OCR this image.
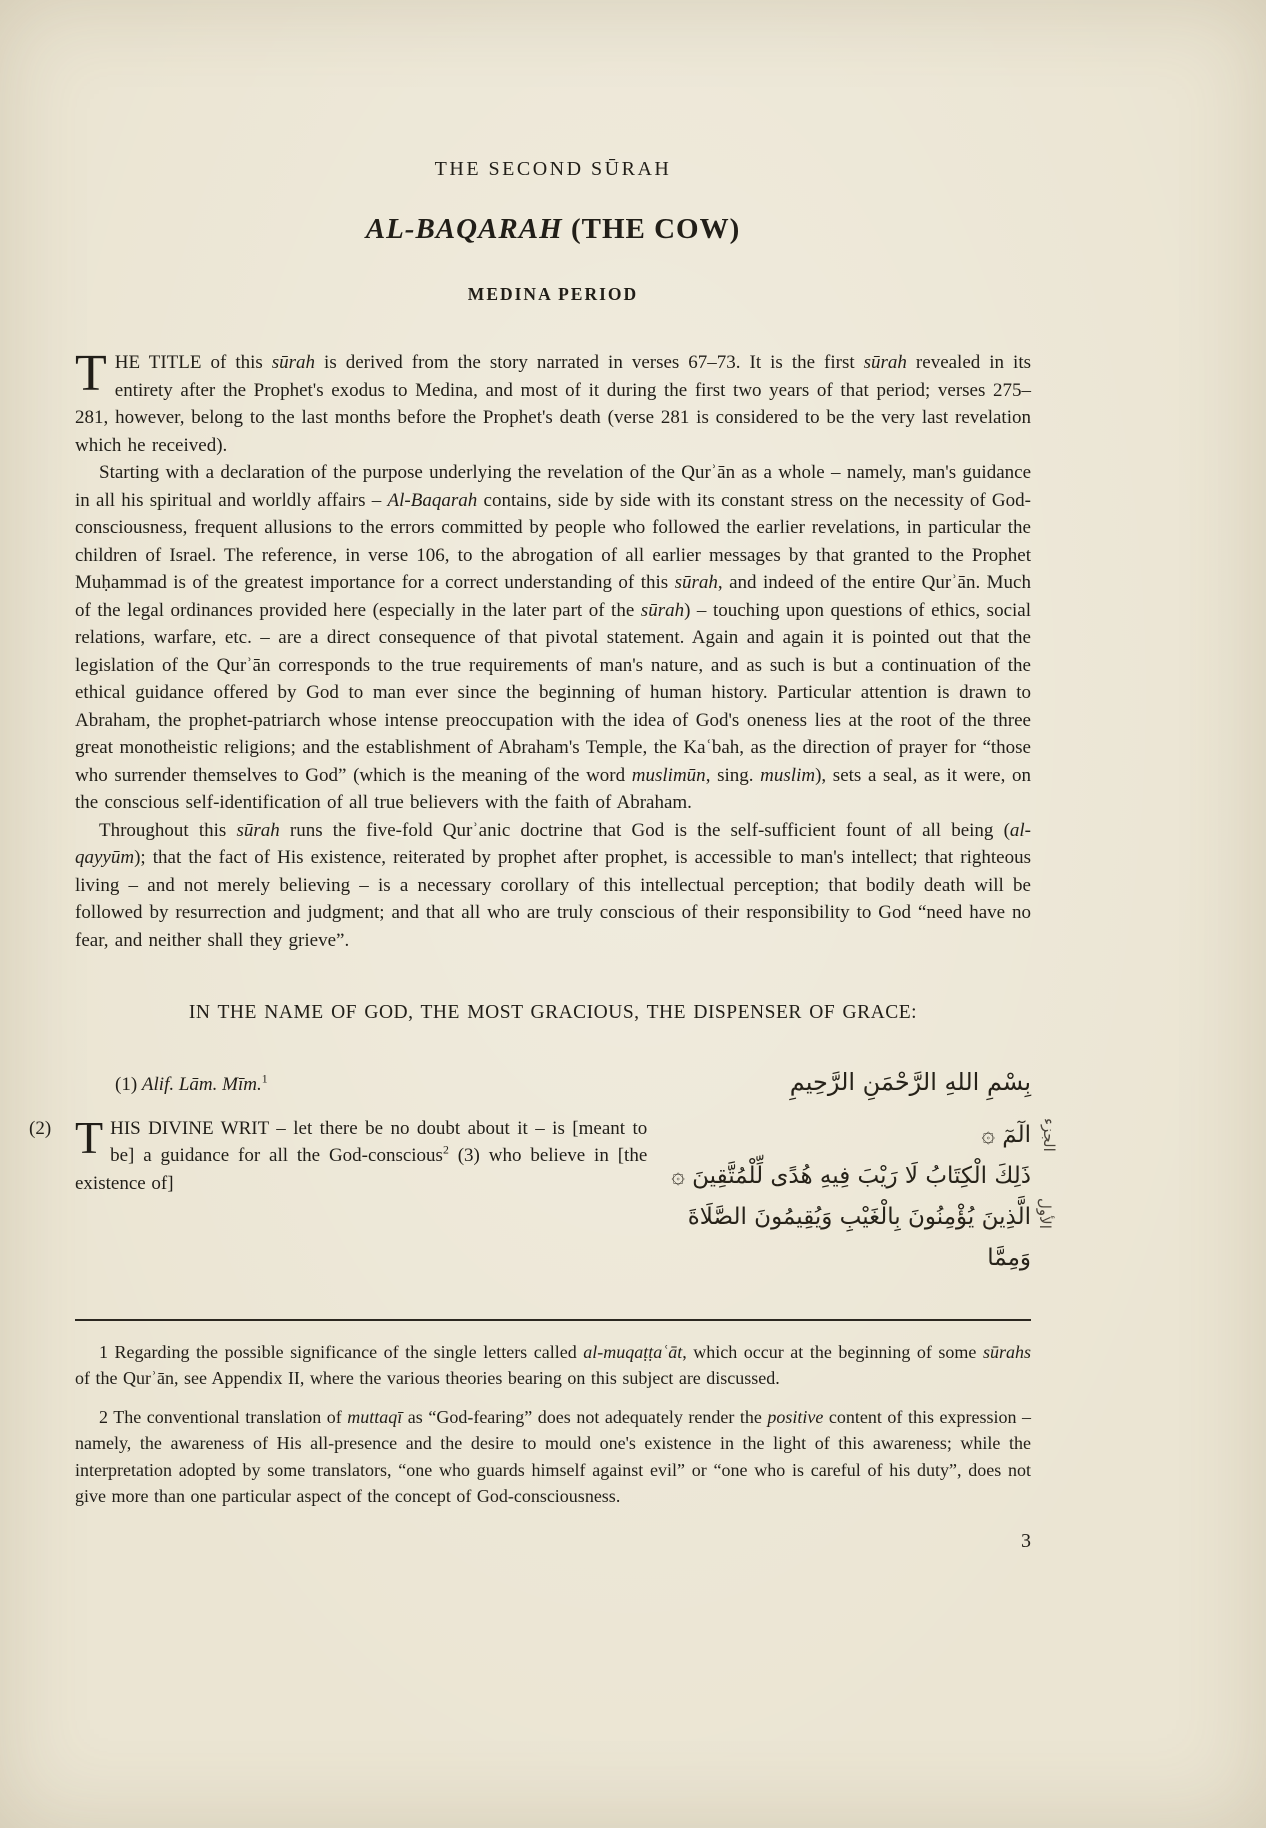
THE SECOND SŪRAH
AL-BAQARAH (THE COW)
MEDINA PERIOD

THE TITLE of this sūrah is derived from the story narrated in verses 67–73. It is the first sūrah revealed in its entirety after the Prophet's exodus to Medina, and most of it during the first two years of that period; verses 275–281, however, belong to the last months before the Prophet's death (verse 281 is considered to be the very last revelation which he received).

Starting with a declaration of the purpose underlying the revelation of the Qurʾān as a whole – namely, man's guidance in all his spiritual and worldly affairs – Al-Baqarah contains, side by side with its constant stress on the necessity of God-consciousness, frequent allusions to the errors committed by people who followed the earlier revelations, in particular the children of Israel. The reference, in verse 106, to the abrogation of all earlier messages by that granted to the Prophet Muḥammad is of the greatest importance for a correct understanding of this sūrah, and indeed of the entire Qurʾān. Much of the legal ordinances provided here (especially in the later part of the sūrah) – touching upon questions of ethics, social relations, warfare, etc. – are a direct consequence of that pivotal statement. Again and again it is pointed out that the legislation of the Qurʾān corresponds to the true requirements of man's nature, and as such is but a continuation of the ethical guidance offered by God to man ever since the beginning of human history. Particular attention is drawn to Abraham, the prophet-patriarch whose intense preoccupation with the idea of God's oneness lies at the root of the three great monotheistic religions; and the establishment of Abraham's Temple, the Kaʿbah, as the direction of prayer for “those who surrender themselves to God” (which is the meaning of the word muslimūn, sing. muslim), sets a seal, as it were, on the conscious self-identification of all true believers with the faith of Abraham.

Throughout this sūrah runs the five-fold Qurʾanic doctrine that God is the self-sufficient fount of all being (al-qayyūm); that the fact of His existence, reiterated by prophet after prophet, is accessible to man's intellect; that righteous living – and not merely believing – is a necessary corollary of this intellectual perception; that bodily death will be followed by resurrection and judgment; and that all who are truly conscious of their responsibility to God “need have no fear, and neither shall they grieve”.

IN THE NAME OF GOD, THE MOST GRACIOUS, THE DISPENSER OF GRACE:
(1) Alif. Lām. Mīm.$^1$	بِسْمِ اللهِ الرَّحْمَنِ الرَّحِيمِ
(2) THIS DIVINE WRIT – let there be no doubt about it – is [meant to be] a guidance for all the God-conscious$^2$ (3) who believe in [the existence of]

الٓمٓ ۞
ذَلِكَ الْكِتَابُ لَا رَيْبَ فِيهِ هُدًى لِّلْمُتَّقِينَ ۞
الَّذِينَ يُؤْمِنُونَ بِالْغَيْبِ وَيُقِيمُونَ الصَّلَاةَ وَمِمَّا

1 Regarding the possible significance of the single letters called al-muqaṭṭaʿāt, which occur at the beginning of some sūrahs of the Qurʾān, see Appendix II, where the various theories bearing on this subject are discussed.

2 The conventional translation of muttaqī as “God-fearing” does not adequately render the positive content of this expression – namely, the awareness of His all-presence and the desire to mould one's existence in the light of this awareness; while the interpretation adopted by some translators, “one who guards himself against evil” or “one who is careful of his duty”, does not give more than one particular aspect of the concept of God-consciousness.

3
الجزء
الأول
